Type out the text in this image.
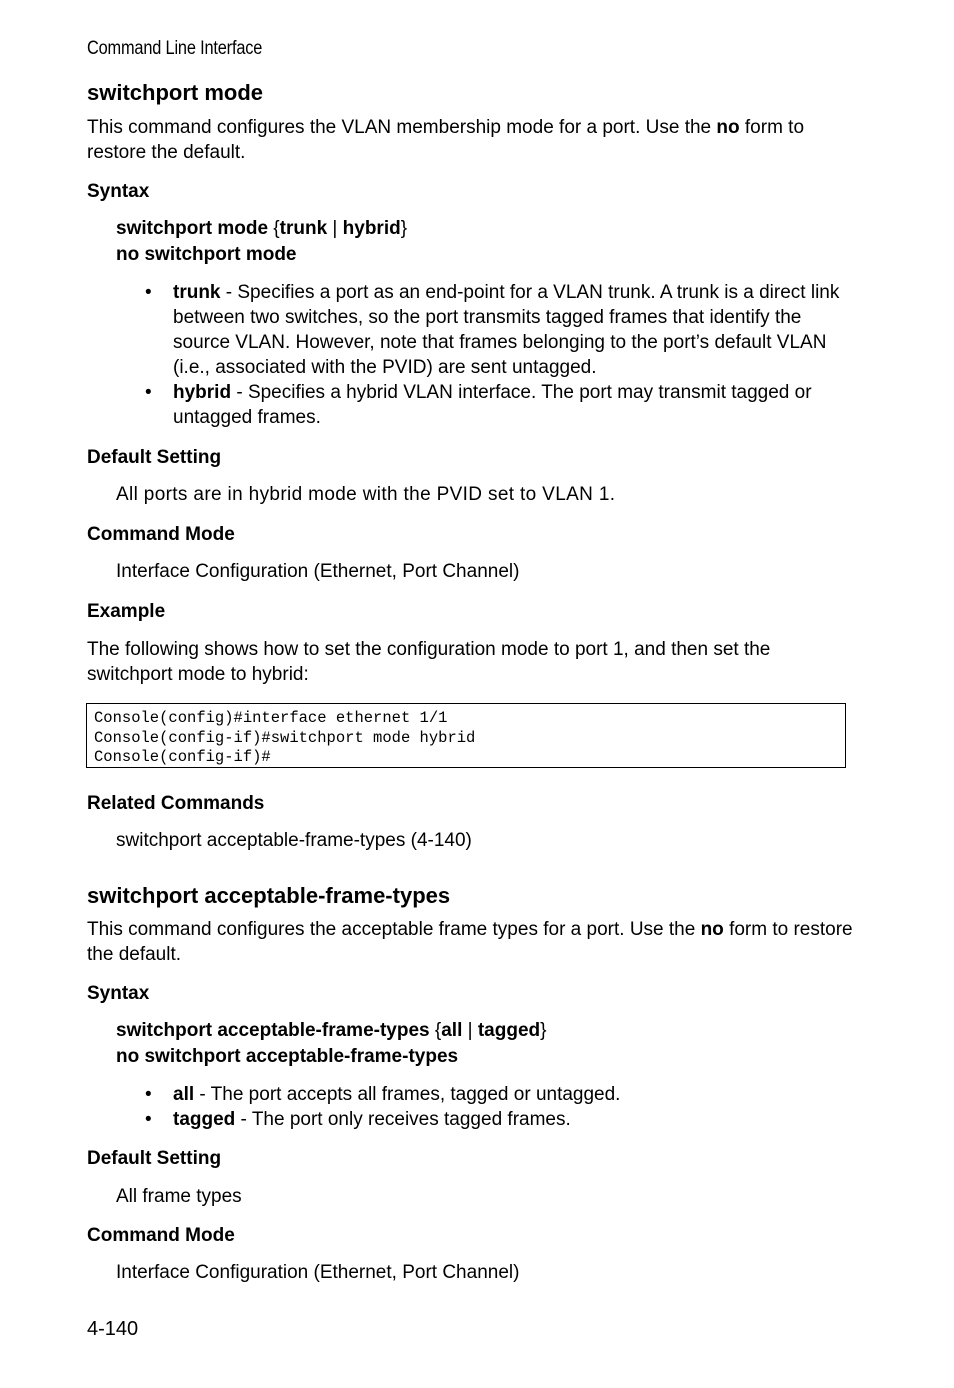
Command Line Interface
switchport mode

This command configures the VLAN membership mode for a port. Use the no form to restore the default.

Syntax
switchport mode {trunk | hybrid}
no switchport mode
• trunk - Specifies a port as an end-point for a VLAN trunk. A trunk is a direct link between two switches, so the port transmits tagged frames that identify the source VLAN. However, note that frames belonging to the port’s default VLAN (i.e., associated with the PVID) are sent untagged.
• hybrid - Specifies a hybrid VLAN interface. The port may transmit tagged or untagged frames.
Default Setting
All ports are in hybrid mode with the PVID set to VLAN 1.
Command Mode
Interface Configuration (Ethernet, Port Channel)
Example

The following shows how to set the configuration mode to port 1, and then set the switchport mode to hybrid:

Console(config)#interface ethernet 1/1
Console(config-if)#switchport mode hybrid
Console(config-if)#
Related Commands
switchport acceptable-frame-types (4-140)
switchport acceptable-frame-types

This command configures the acceptable frame types for a port. Use the no form to restore the default.

Syntax
switchport acceptable-frame-types {all | tagged}
no switchport acceptable-frame-types
• all - The port accepts all frames, tagged or untagged.
• tagged - The port only receives tagged frames.
Default Setting
All frame types
Command Mode
Interface Configuration (Ethernet, Port Channel)
4-140
